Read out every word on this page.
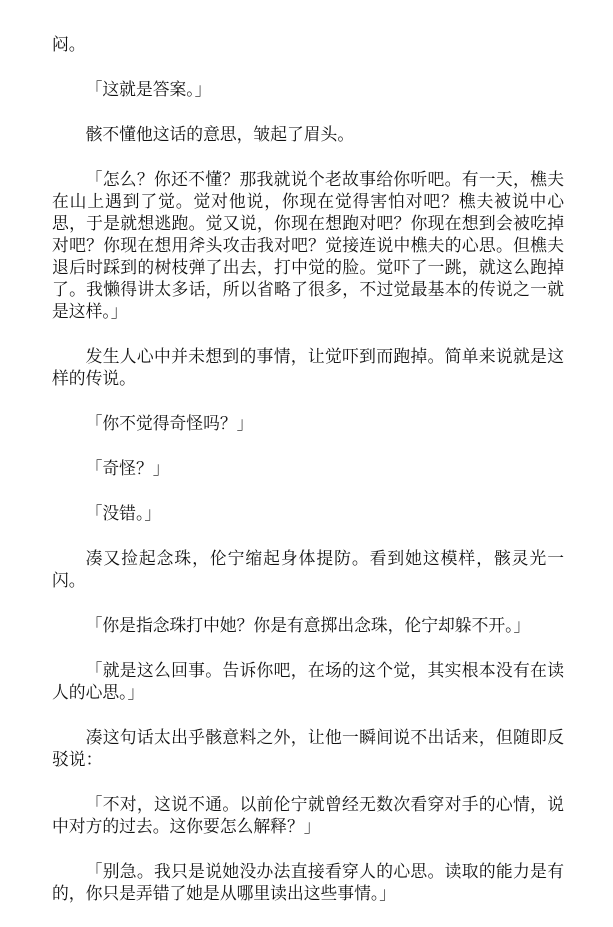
闷。

「这就是答案。」

骸不懂他这话的意思，皱起了眉头。

「怎么？你还不懂？那我就说个老故事给你听吧。有一天，樵夫在山上遇到了觉。觉对他说，你现在觉得害怕对吧？樵夫被说中心思，于是就想逃跑。觉又说，你现在想跑对吧？你现在想到会被吃掉对吧？你现在想用斧头攻击我对吧？觉接连说中樵夫的心思。但樵夫退后时踩到的树枝弹了出去，打中觉的脸。觉吓了一跳，就这么跑掉了。我懒得讲太多话，所以省略了很多，不过觉最基本的传说之一就是这样。」

发生人心中并未想到的事情，让觉吓到而跑掉。简单来说就是这样的传说。

「你不觉得奇怪吗？」

「奇怪？」

「没错。」

凑又捡起念珠，伦宁缩起身体提防。看到她这模样，骸灵光一闪。

「你是指念珠打中她？你是有意掷出念珠，伦宁却躲不开。」

「就是这么回事。告诉你吧，在场的这个觉，其实根本没有在读人的心思。」

凑这句话太出乎骸意料之外，让他一瞬间说不出话来，但随即反驳说：

「不对，这说不通。以前伦宁就曾经无数次看穿对手的心情，说中对方的过去。这你要怎么解释？」

「别急。我只是说她没办法直接看穿人的心思。读取的能力是有的，你只是弄错了她是从哪里读出这些事情。」
